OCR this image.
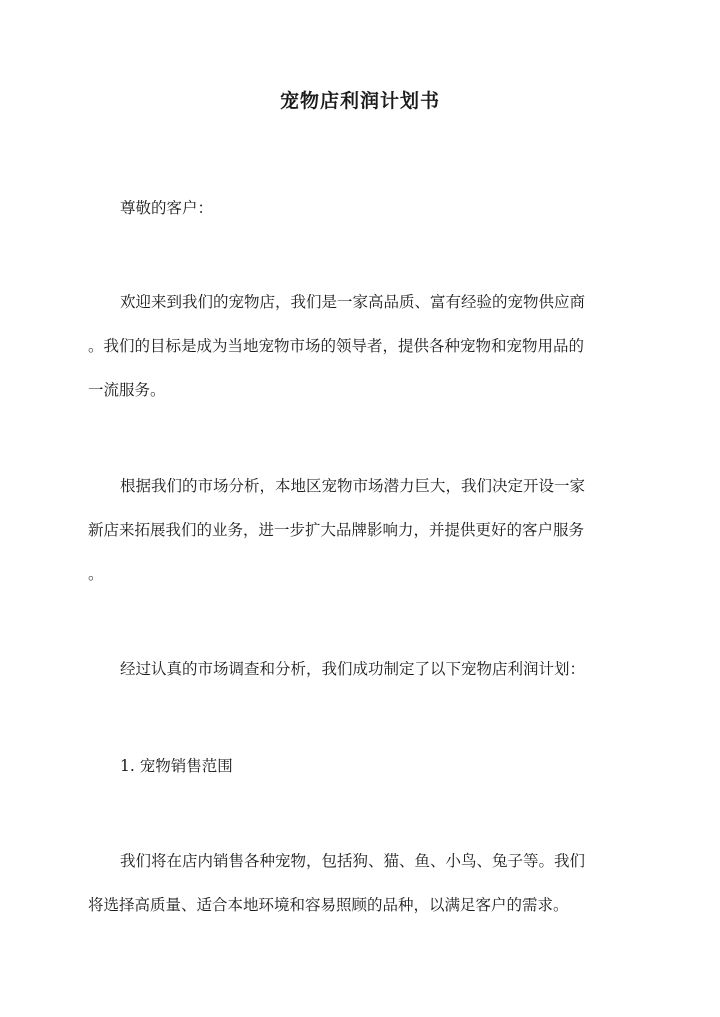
宠物店利润计划书

尊敬的客户：

欢迎来到我们的宠物店，我们是一家高品质、富有经验的宠物供应商

。我们的目标是成为当地宠物市场的领导者，提供各种宠物和宠物用品的

一流服务。

根据我们的市场分析，本地区宠物市场潜力巨大，我们决定开设一家

新店来拓展我们的业务，进一步扩大品牌影响力，并提供更好的客户服务

。

经过认真的市场调查和分析，我们成功制定了以下宠物店利润计划：

1. 宠物销售范围

我们将在店内销售各种宠物，包括狗、猫、鱼、小鸟、兔子等。我们

将选择高质量、适合本地环境和容易照顾的品种，以满足客户的需求。
